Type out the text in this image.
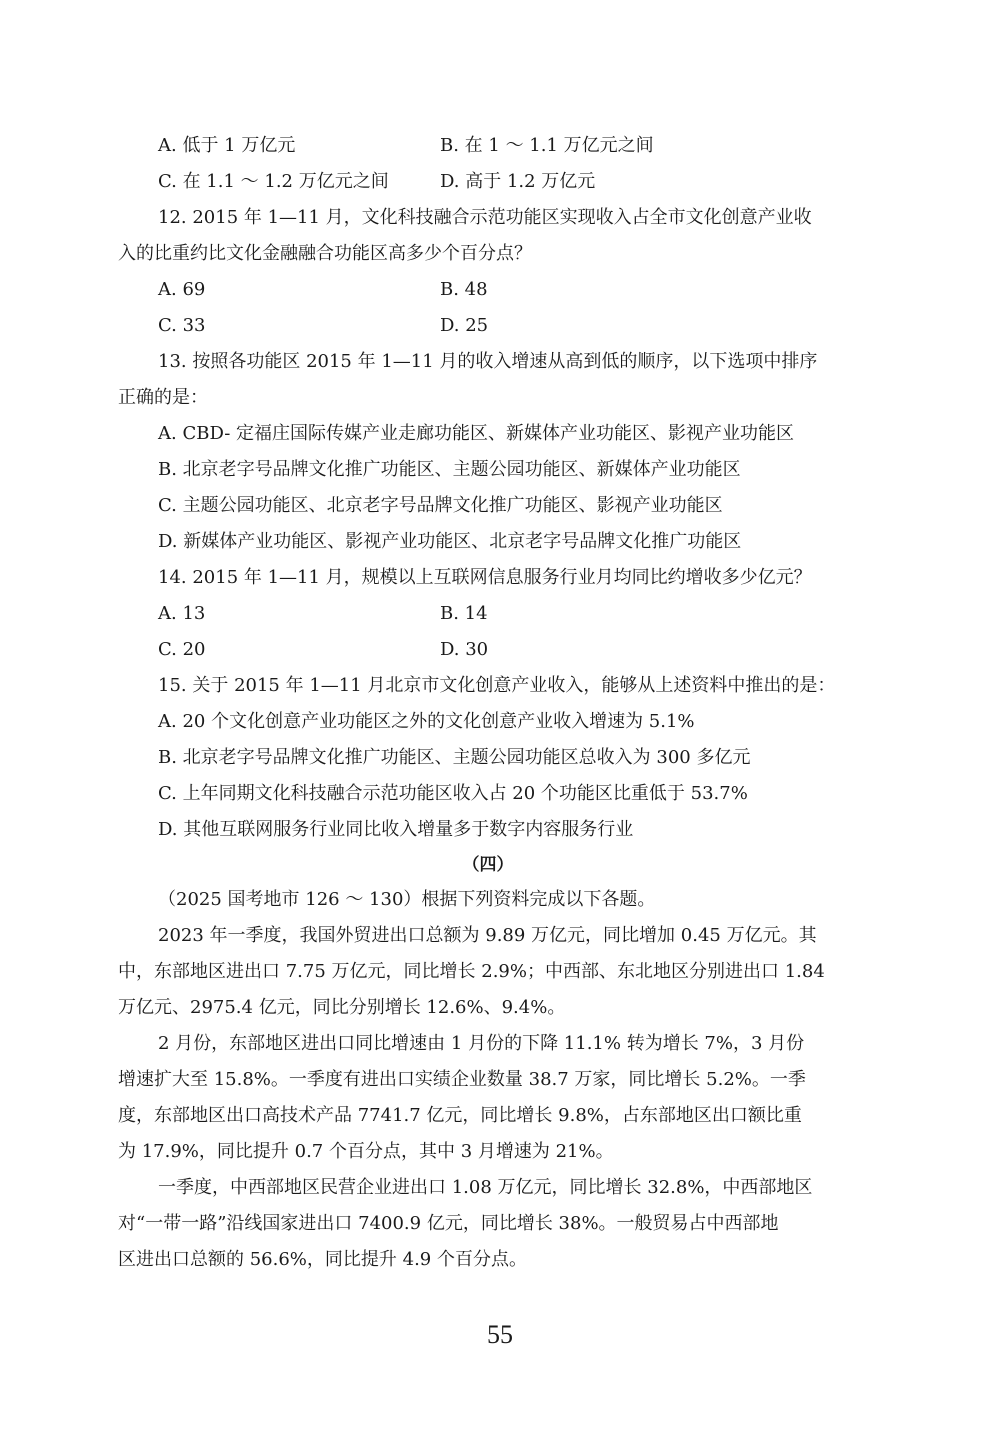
A. 低于 1 万亿元	B. 在 1 ～ 1.1 万亿元之间
C. 在 1.1 ～ 1.2 万亿元之间	D. 高于 1.2 万亿元
12. 2015 年 1—11 月，文化科技融合示范功能区实现收入占全市文化创意产业收
入的比重约比文化金融融合功能区高多少个百分点？
A. 69	B. 48
C. 33	D. 25
13. 按照各功能区 2015 年 1—11 月的收入增速从高到低的顺序，以下选项中排序
正确的是：
A. CBD- 定福庄国际传媒产业走廊功能区、新媒体产业功能区、影视产业功能区
B. 北京老字号品牌文化推广功能区、主题公园功能区、新媒体产业功能区
C. 主题公园功能区、北京老字号品牌文化推广功能区、影视产业功能区
D. 新媒体产业功能区、影视产业功能区、北京老字号品牌文化推广功能区
14. 2015 年 1—11 月，规模以上互联网信息服务行业月均同比约增收多少亿元？
A. 13	B. 14
C. 20	D. 30
15. 关于 2015 年 1—11 月北京市文化创意产业收入，能够从上述资料中推出的是：
A. 20 个文化创意产业功能区之外的文化创意产业收入增速为 5.1%
B. 北京老字号品牌文化推广功能区、主题公园功能区总收入为 300 多亿元
C. 上年同期文化科技融合示范功能区收入占 20 个功能区比重低于 53.7%
D. 其他互联网服务行业同比收入增量多于数字内容服务行业
（四）
（2025 国考地市 126 ～ 130）根据下列资料完成以下各题。
2023 年一季度，我国外贸进出口总额为 9.89 万亿元，同比增加 0.45 万亿元。其
中，东部地区进出口 7.75 万亿元，同比增长 2.9%；中西部、东北地区分别进出口 1.84
万亿元、2975.4 亿元，同比分别增长 12.6%、9.4%。
2 月份，东部地区进出口同比增速由 1 月份的下降 11.1% 转为增长 7%，3 月份
增速扩大至 15.8%。一季度有进出口实绩企业数量 38.7 万家，同比增长 5.2%。一季
度，东部地区出口高技术产品 7741.7 亿元，同比增长 9.8%，占东部地区出口额比重
为 17.9%，同比提升 0.7 个百分点，其中 3 月增速为 21%。
一季度，中西部地区民营企业进出口 1.08 万亿元，同比增长 32.8%，中西部地区
对“一带一路”沿线国家进出口 7400.9 亿元，同比增长 38%。一般贸易占中西部地
区进出口总额的 56.6%，同比提升 4.9 个百分点。
55
